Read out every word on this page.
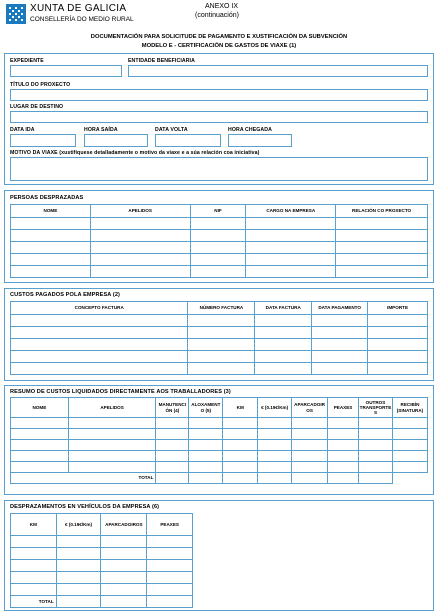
XUNTA DE GALICIA
CONSELLERÍA DO MEDIO RURAL
ANEXO IX
(continuación)
DOCUMENTACIÓN PARA SOLICITUDE DE PAGAMENTO E XUSTIFICACIÓN DA SUBVENCIÓN
MODELO E - CERTIFICACIÓN DE GASTOS DE VIAXE (1)
EXPEDIENTE	ENTIDADE BENEFICIARIA
TÍTULO DO PROXECTO
LUGAR DE DESTINO
DATA IDA	HORA SAÍDA	DATA VOLTA	HORA CHEGADA
MOTIVO DA VIAXE (xustifíquese detalladamente o motivo da viaxe e a súa relación coa iniciativa)
PERSOAS DESPRAZADAS
NOME	APELIDOS	NIF	CARGO NA EMPRESA	RELACIÓN CO PROXECTO

CUSTOS PAGADOS POLA EMPRESA (2)
CONCEPTO FACTURA	NÚMERO FACTURA	DATA FACTURA	DATA PAGAMENTO	IMPORTE

RESUMO DE CUSTOS LIQUIDADOS DIRECTAMENTE AOS TRABALLADORES (3)
NOME	APELIDOS	MANUTENCI ÓN (4)	ALOXAMENT O (5)	KM	€ (0.19€/Km)	APARCADOIR OS	PEAXES	OUTROS TRANSPORTE S	RECIBÍN (SINATURA)

TOTAL									
DESPRAZAMENTOS EN VEHÍCULOS DA EMPRESA (6)
KM	€ (0.19€/Km)	APARCADOIROS	PEAXES

TOTAL			
